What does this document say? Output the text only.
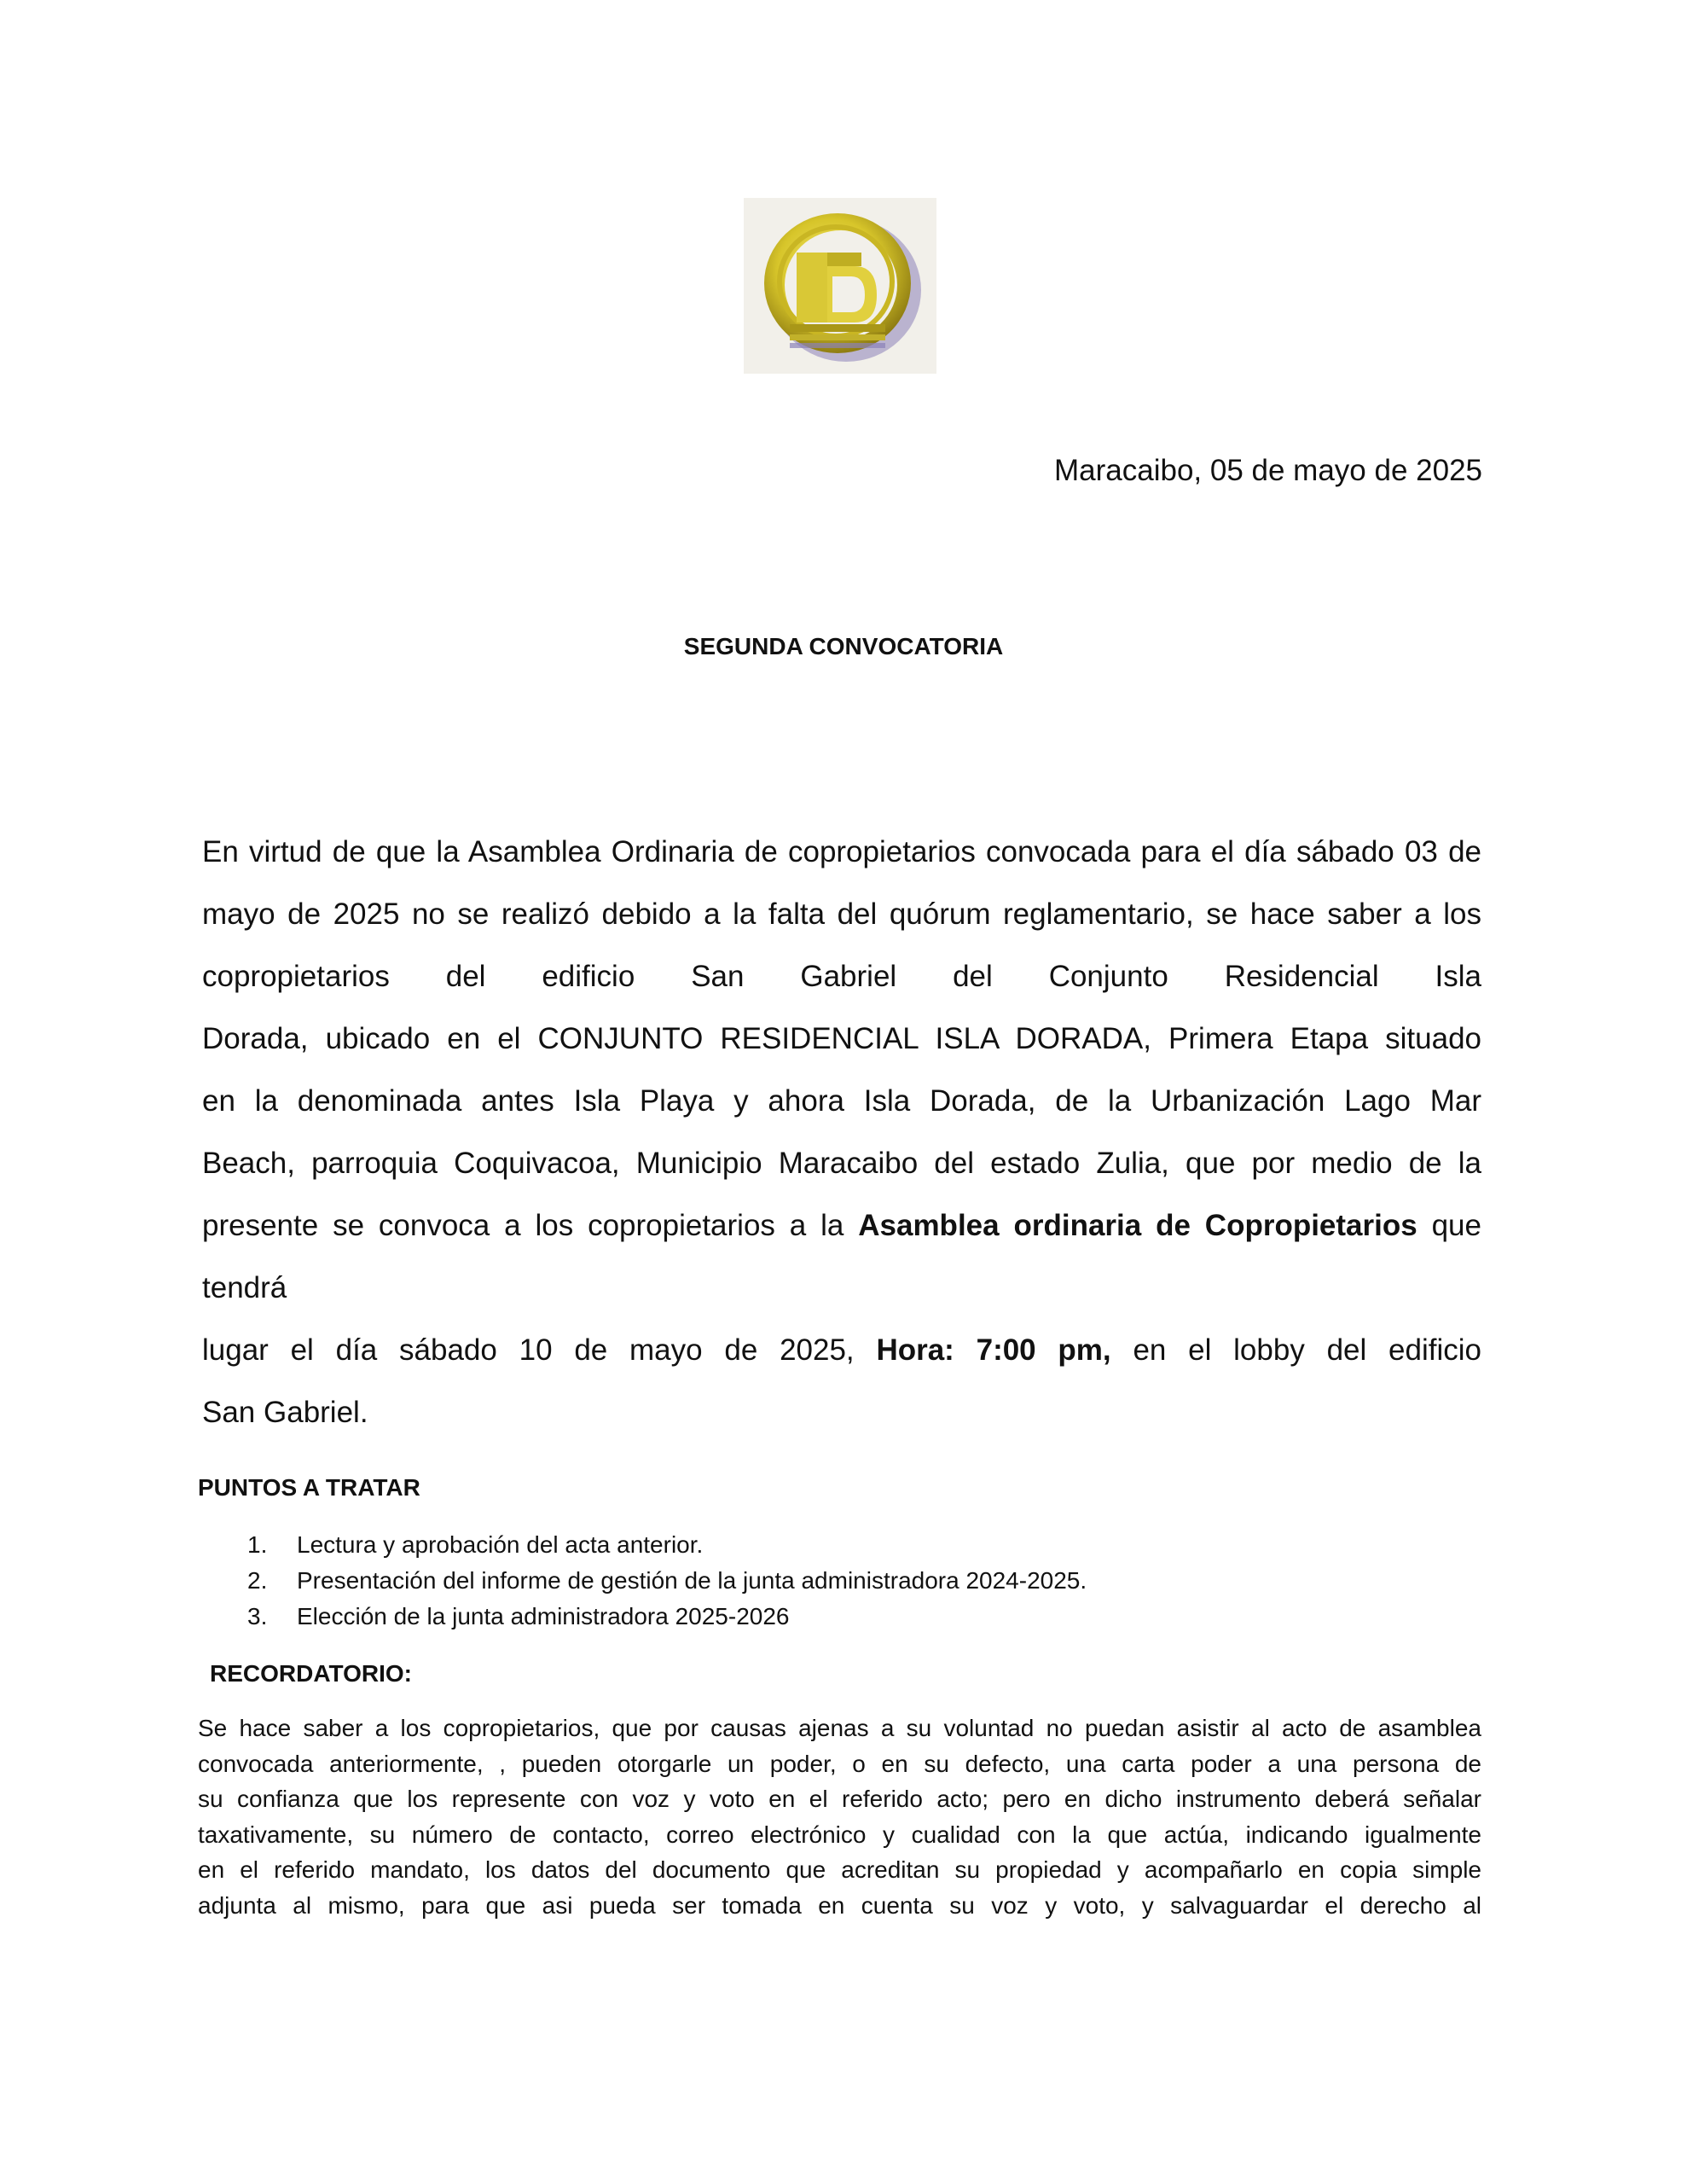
Maracaibo, 05 de mayo de 2025
SEGUNDA CONVOCATORIA
En virtud de que la Asamblea Ordinaria de copropietarios convocada para el día sábado 03 de
mayo de 2025 no se realizó debido a la falta del quórum reglamentario, se hace saber a los
copropietarios del edificio San Gabriel del Conjunto Residencial Isla
Dorada, ubicado en el CONJUNTO RESIDENCIAL ISLA DORADA, Primera Etapa situado
en la denominada antes Isla Playa y ahora Isla Dorada, de la Urbanización Lago Mar
Beach, parroquia Coquivacoa, Municipio Maracaibo del estado Zulia, que por medio de la
presente se convoca a los copropietarios a la Asamblea ordinaria de Copropietarios que
tendrá
lugar el día sábado 10 de mayo de 2025, Hora: 7:00 pm, en el lobby del edificio
San Gabriel.
PUNTOS A TRATAR
1.	Lectura y aprobación del acta anterior.
2.	Presentación del informe de gestión de la junta administradora 2024-2025.
3.	Elección de la junta administradora 2025-2026
RECORDATORIO:
Se hace saber a los copropietarios, que por causas ajenas a su voluntad no puedan asistir al acto de asamblea
convocada anteriormente, , pueden otorgarle un poder, o en su defecto, una carta poder a una persona de
su confianza que los represente con voz y voto en el referido acto; pero en dicho instrumento deberá señalar
taxativamente, su número de contacto, correo electrónico y cualidad con la que actúa, indicando igualmente
en el referido mandato, los datos del documento que acreditan su propiedad y acompañarlo en copia simple
adjunta al mismo, para que asi pueda ser tomada en cuenta su voz y voto, y salvaguardar el derecho al
